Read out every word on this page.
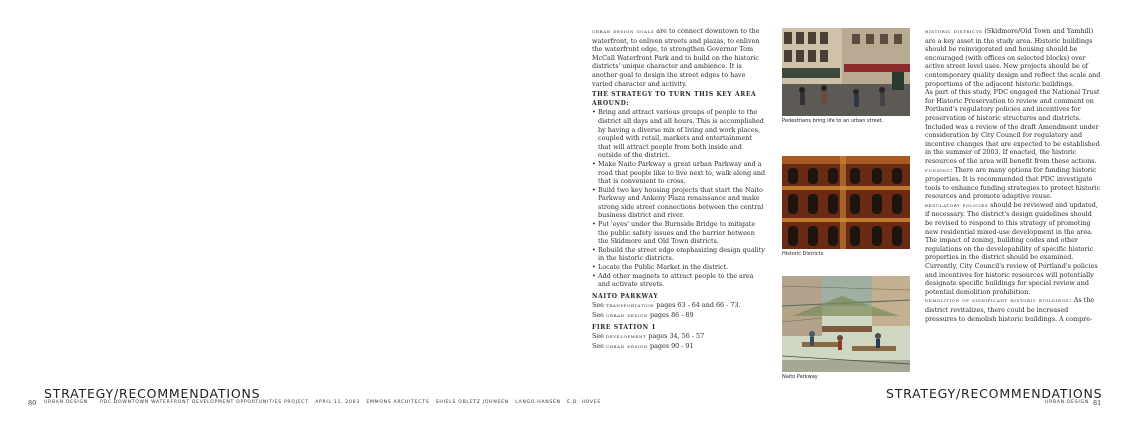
STRATEGY/RECOMMENDATIONS
80 URBAN DESIGN	PDC DOWNTOWN WATERFRONT DEVELOPMENT OPPORTUNITIES PROJECT   APRIL 11, 2003   EMMONS ARCHITECTS   SHIELS OBLETZ JOHNSEN   LANGO.HANSEN   E.D. HOVEE

urban design goals are to connect downtown to the waterfront, to enliven streets and plazas, to enliven the waterfront edge, to strengthen Governor Tom McCall Waterfront Park and to build on the historic districts' unique character and ambience. It is another goal to design the street edges to have varied character and activity.

THE STRATEGY TO TURN THIS KEY AREA AROUND:
• Bring and attract various groups of people to the district all days and all hours. This is accomplished by having a diverse mix of living and work places, coupled with retail, markets and entertainment that will attract people from both inside and outside of the district.
• Make Naito Parkway a great urban Parkway and a road that people like to live next to, walk along and that is convenient to cross.
• Build two key housing projects that start the Naito Parkway and Ankeny Plaza renaissance and make strong side street connections between the central business district and river.
• Put 'eyes' under the Burnside Bridge to mitigate the public safety issues and the barrier between the Skidmore and Old Town districts.
• Rebuild the street edge emphasizing design quality in the historic districts.
• Locate the Public Market in the district.
• Add other magnets to attract people to the area and activate streets.
NAITO PARKWAY

See transportation pages 63 - 64 and 66 - 73.

See urban design pages 86 - 89

FIRE STATION 1

See development pages 34, 56 - 57

See urban design pages 90 - 91

Pedestrians bring life to an urban street.
Historic Districts
Naito Parkway

historic districts (Skidmore/Old Town and Yamhill) are a key asset in the study area. Historic buildings should be reinvigorated and housing should be encouraged (with offices on selected blocks) over active street level uses. New projects should be of contemporary quality design and reflect the scale and proportions of the adjacent historic buildings.

As part of this study, PDC engaged the National Trust for Historic Preservation to review and comment on Portland's regulatory policies and incentives for preservation of historic structures and districts. Included was a review of the draft Amendment under consideration by City Council for regulatory and incentive changes that are expected to be established in the summer of 2003. If enacted, the historic resources of the area will benefit from these actions.

funding: There are many options for funding historic properties. It is recommended that PDC investigate tools to enhance funding strategies to protect historic resources and promote adaptive reuse.

regulatory policies should be reviewed and updated, if necessary. The district's design guidelines should be revised to respond to this strategy of promoting new residential mixed-use development in the area.

The impact of zoning, building codes and other regulations on the developability of specific historic properties in the district should be examined.

Currently, City Council's review of Portland's policies and incentives for historic resources will potentially designate specific buildings for special review and potential demolition prohibition.

demolition of significant historic buildings: As the district revitalizes, there could be increased pressures to demolish historic buildings. A compre-

STRATEGY/RECOMMENDATIONS
URBAN DESIGN 81
